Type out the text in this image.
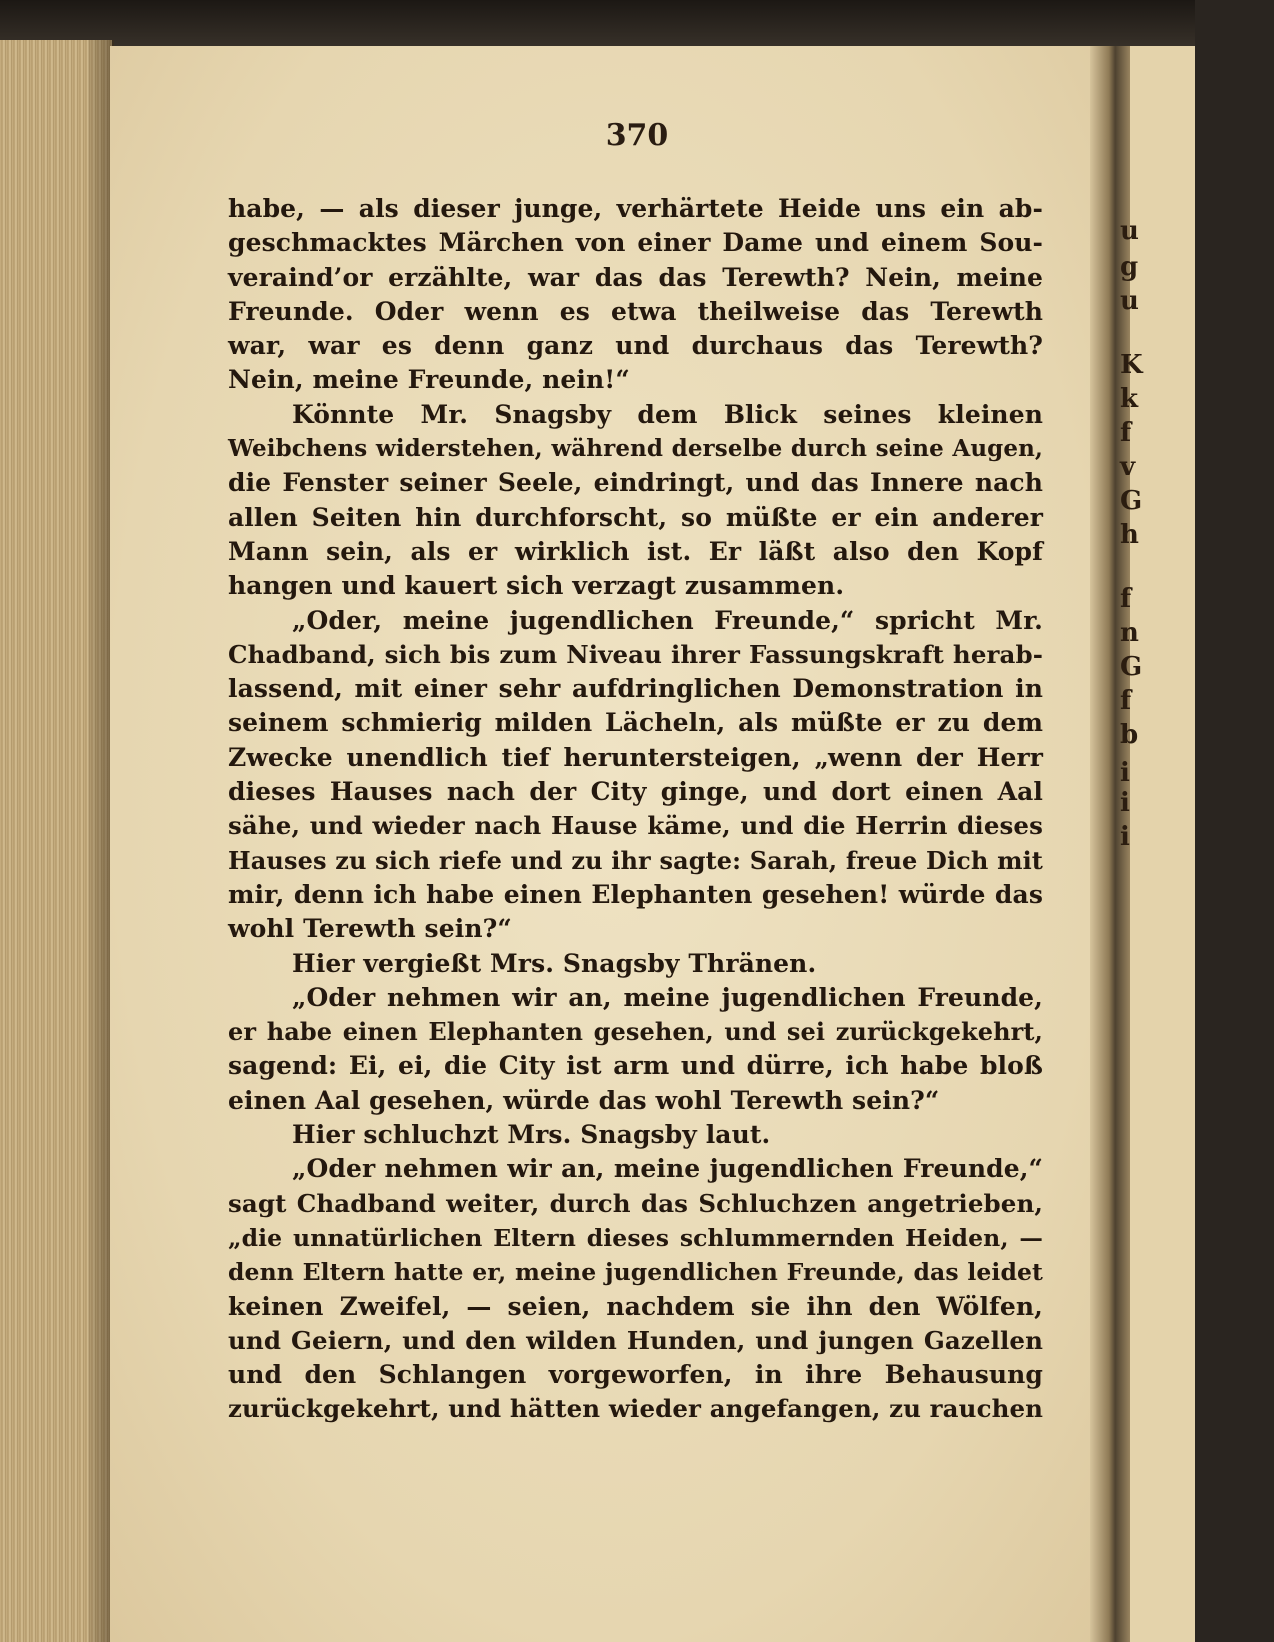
u
g
u
K
k
f
v
G
h
f
n
G
f
b
i
i
i
370
habe, — als dieser junge, verhärtete Heide uns ein ab-
geschmacktes Märchen von einer Dame und einem Sou-
veraind’or erzählte, war das das Terewth? Nein, meine
Freunde. Oder wenn es etwa theilweise das Terewth
war, war es denn ganz und durchaus das Terewth?
Nein, meine Freunde, nein!“
Könnte Mr. Snagsby dem Blick seines kleinen
Weibchens widerstehen, während derselbe durch seine Augen,
die Fenster seiner Seele, eindringt, und das Innere nach
allen Seiten hin durchforscht, so müßte er ein anderer
Mann sein, als er wirklich ist. Er läßt also den Kopf
hangen und kauert sich verzagt zusammen.
„Oder, meine jugendlichen Freunde,“ spricht Mr.
Chadband, sich bis zum Niveau ihrer Fassungskraft herab-
lassend, mit einer sehr aufdringlichen Demonstration in
seinem schmierig milden Lächeln, als müßte er zu dem
Zwecke unendlich tief heruntersteigen, „wenn der Herr
dieses Hauses nach der City ginge, und dort einen Aal
sähe, und wieder nach Hause käme, und die Herrin dieses
Hauses zu sich riefe und zu ihr sagte: Sarah, freue Dich mit
mir, denn ich habe einen Elephanten gesehen! würde das
wohl Terewth sein?“
Hier vergießt Mrs. Snagsby Thränen.
„Oder nehmen wir an, meine jugendlichen Freunde,
er habe einen Elephanten gesehen, und sei zurückgekehrt,
sagend: Ei, ei, die City ist arm und dürre, ich habe bloß
einen Aal gesehen, würde das wohl Terewth sein?“
Hier schluchzt Mrs. Snagsby laut.
„Oder nehmen wir an, meine jugendlichen Freunde,“
sagt Chadband weiter, durch das Schluchzen angetrieben,
„die unnatürlichen Eltern dieses schlummernden Heiden, —
denn Eltern hatte er, meine jugendlichen Freunde, das leidet
keinen Zweifel, — seien, nachdem sie ihn den Wölfen,
und Geiern, und den wilden Hunden, und jungen Gazellen
und den Schlangen vorgeworfen, in ihre Behausung
zurückgekehrt, und hätten wieder angefangen, zu rauchen
